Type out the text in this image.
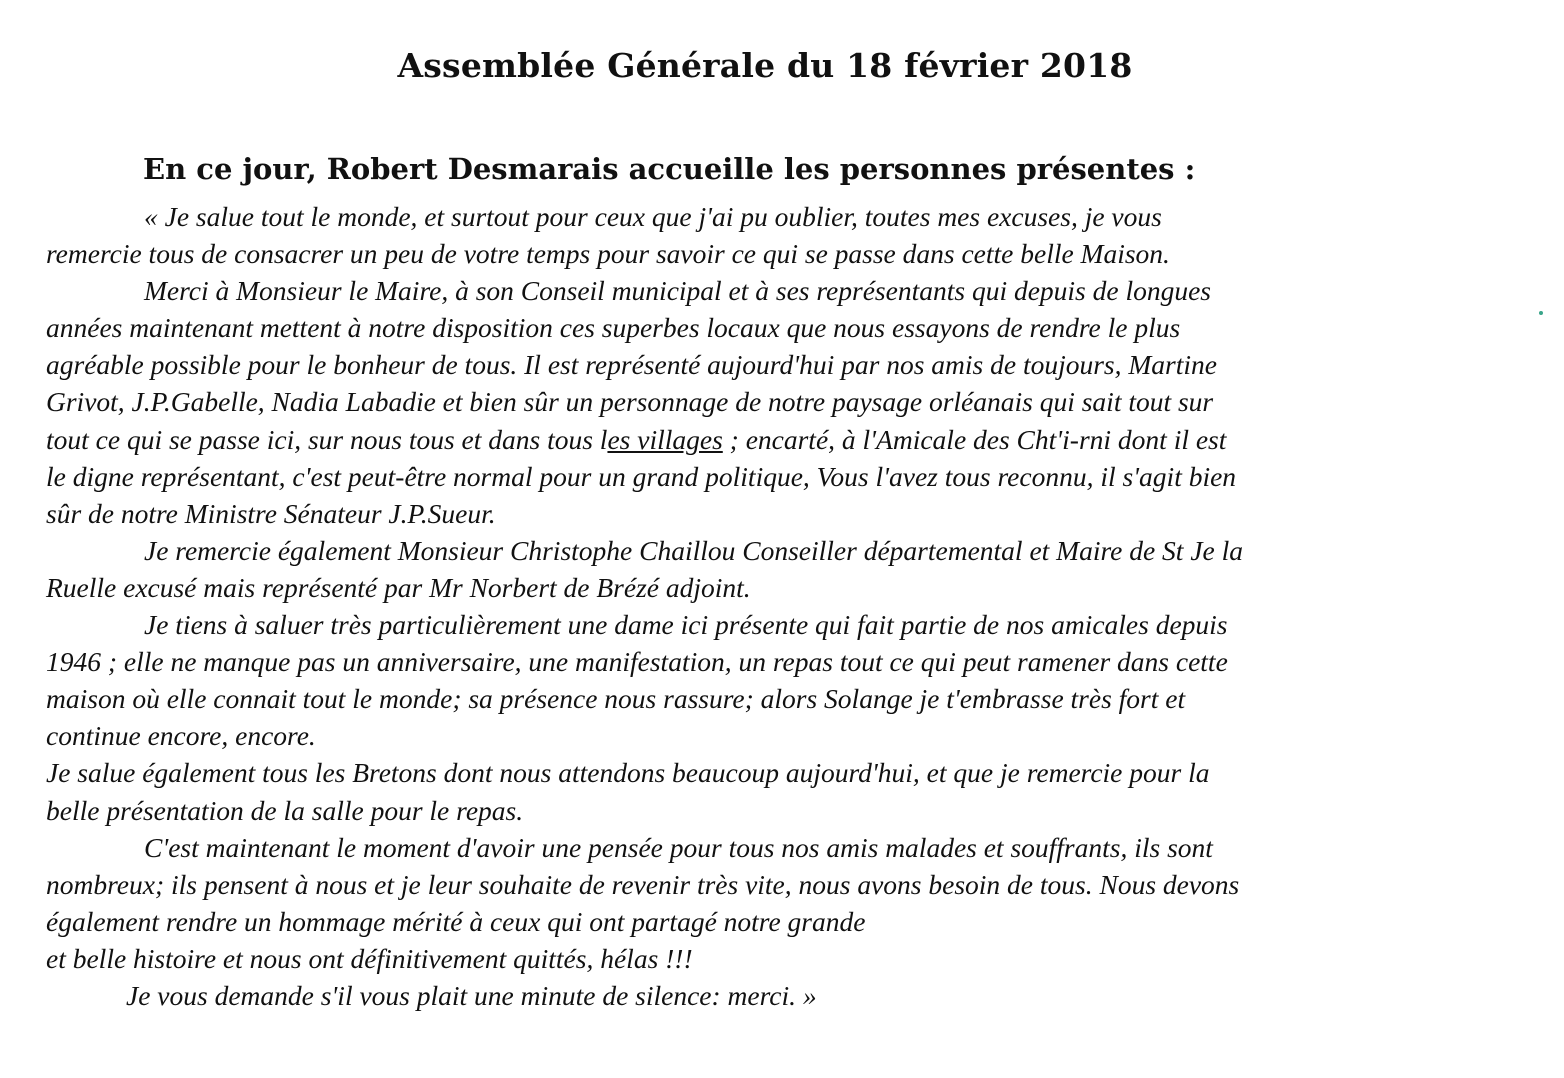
Assemblée Générale du 18 février 2018

En ce jour, Robert Desmarais accueille les personnes présentes :

« Je salue tout le monde, et surtout pour ceux que j'ai pu oublier, toutes mes excuses, je vous
remercie tous de consacrer un peu de votre temps pour savoir ce qui se passe dans cette belle Maison.
Merci à Monsieur le Maire, à son Conseil municipal et à ses représentants qui depuis de longues
années maintenant mettent à notre disposition ces superbes locaux que nous essayons de rendre le plus
agréable possible pour le bonheur de tous. Il est représenté aujourd'hui par nos amis de toujours, Martine
Grivot, J.P.Gabelle, Nadia Labadie et bien sûr un personnage de notre paysage orléanais qui sait tout sur
tout ce qui se passe ici, sur nous tous et dans tous les villages ; encarté, à l'Amicale des Cht'i-rni dont il est
le digne représentant, c'est peut-être normal pour un grand politique, Vous l'avez tous reconnu, il s'agit bien
sûr de notre Ministre Sénateur J.P.Sueur.
Je remercie également Monsieur Christophe Chaillou Conseiller départemental et Maire de St Je la
Ruelle excusé mais représenté par Mr Norbert de Brézé adjoint.
Je tiens à saluer très particulièrement une dame ici présente qui fait partie de nos amicales depuis
1946 ; elle ne manque pas un anniversaire, une manifestation, un repas tout ce qui peut ramener dans cette
maison où elle connait tout le monde; sa présence nous rassure; alors Solange je t'embrasse très fort et
continue encore, encore.
Je salue également tous les Bretons dont nous attendons beaucoup aujourd'hui, et que je remercie pour la
belle présentation de la salle pour le repas.
C'est maintenant le moment d'avoir une pensée pour tous nos amis malades et souffrants, ils sont
nombreux; ils pensent à nous et je leur souhaite de revenir très vite, nous avons besoin de tous. Nous devons
également rendre un hommage mérité à ceux qui ont partagé notre grande
et belle histoire et nous ont définitivement quittés, hélas !!!
Je vous demande s'il vous plait une minute de silence: merci. »
